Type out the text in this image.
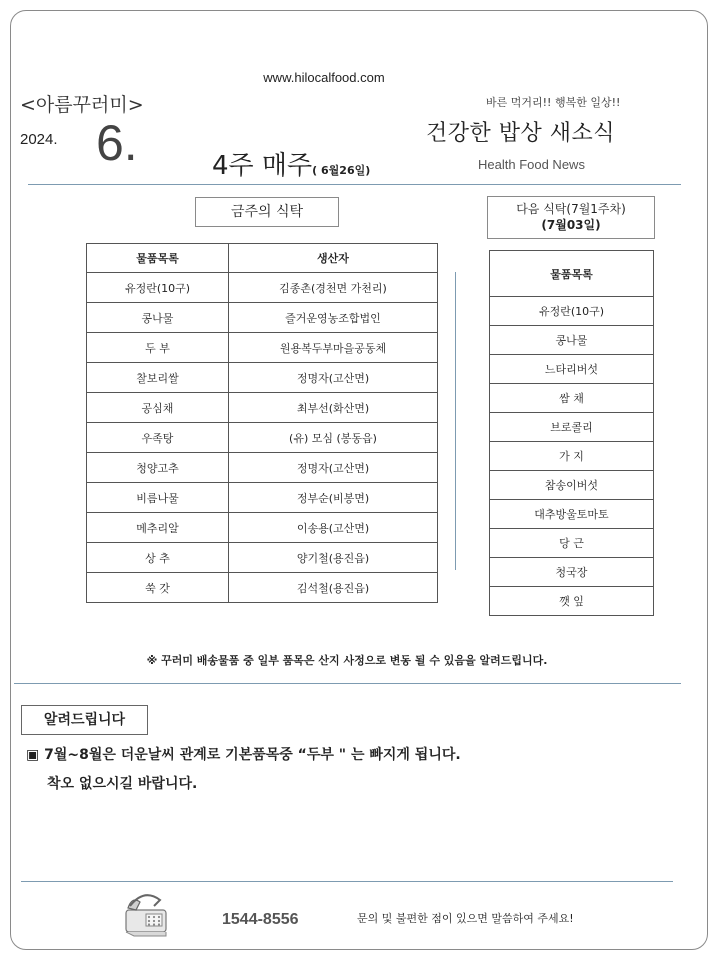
www.hilocalfood.com
<아름꾸러미>
2024. 6.	4주 매주( 6월26일)
바른 먹거리!! 행복한 일상!!
건강한 밥상 새소식
Health Food News
금주의 식탁	다음 식탁(7월1주차)
(7월03일)
물품목록	생산자
유정란(10구)	김종촌(경천면 가천리)
콩나물	즐거운영농조합법인
두 부	원용복두부마을공동체
찰보리쌀	정명자(고산면)
공심채	최부선(화산면)
우족탕	(유) 모심 (봉동읍)
청양고추	정명자(고산면)
비름나물	정부순(비봉면)
메추리알	이송용(고산면)
상 추	양기철(용진읍)
쑥 갓	김석철(용진읍)
물품목록
유정란(10구)
콩나물
느타리버섯
쌈 채
브로콜리
가 지
참송이버섯
대추방울토마토
당 근
청국장
깻 잎
※ 꾸러미 배송물품 중 일부 품목은 산지 사정으로 변동 될 수 있음을 알려드립니다.
알려드립니다
▣ 7월~8월은 더운날씨 관계로 기본품목중 “두부 " 는 빠지게 됩니다.
착오 없으시길 바랍니다.
1544-8556	문의 및 불편한 점이 있으면 말씀하여 주세요!
